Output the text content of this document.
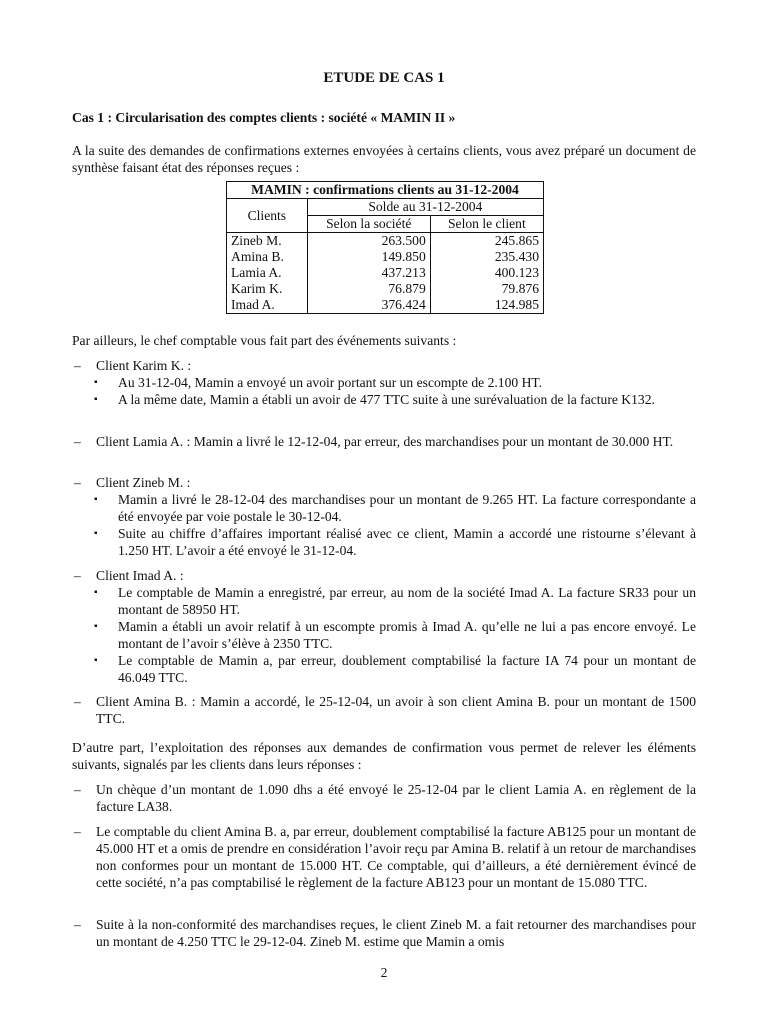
ETUDE DE CAS 1
Cas 1 : Circularisation des comptes clients : société « MAMIN II »

A la suite des demandes de confirmations externes envoyées à certains clients, vous avez préparé un document de synthèse faisant état des réponses reçues :

MAMIN : confirmations clients au 31-12-2004		
Clients	Solde au 31-12-2004	
	Selon la société	Selon le client
Zineb M.	263.500	245.865
Amina B.	149.850	235.430
Lamia A.	437.213	400.123
Karim K.	76.879	79.876
Imad A.	376.424	124.985

Par ailleurs, le chef comptable vous fait part des événements suivants :

– Client Karim K. :
▪ Au 31-12-04, Mamin a envoyé un avoir portant sur un escompte de 2.100 HT.
▪ A la même date, Mamin a établi un avoir de 477 TTC suite à une surévaluation de la facture K132.
– Client Lamia A. : Mamin a livré le 12-12-04, par erreur, des marchandises pour un montant de 30.000 HT.
– Client Zineb M. :
▪ Mamin a livré le 28-12-04 des marchandises pour un montant de 9.265 HT. La facture correspondante a été envoyée par voie postale le 30-12-04.
▪ Suite au chiffre d’affaires important réalisé avec ce client, Mamin a accordé une ristourne s’élevant à 1.250 HT. L’avoir a été envoyé le 31-12-04.
– Client Imad A. :
▪ Le comptable de Mamin a enregistré, par erreur, au nom de la société Imad A. La facture SR33 pour un montant de 58950 HT.
▪ Mamin a établi un avoir relatif à un escompte promis à Imad A. qu’elle ne lui a pas encore envoyé. Le montant de l’avoir s’élève à 2350 TTC.
▪ Le comptable de Mamin a, par erreur, doublement comptabilisé la facture IA 74 pour un montant de 46.049 TTC.
– Client Amina B. : Mamin a accordé, le 25-12-04, un avoir à son client Amina B. pour un montant de 1500 TTC.

D’autre part, l’exploitation des réponses aux demandes de confirmation vous permet de relever les éléments suivants, signalés par les clients dans leurs réponses :

– Un chèque d’un montant de 1.090 dhs a été envoyé le 25-12-04 par le client Lamia A. en règlement de la facture LA38.
– Le comptable du client Amina B. a, par erreur, doublement comptabilisé la facture AB125 pour un montant de 45.000 HT et a omis de prendre en considération l’avoir reçu par Amina B. relatif à un retour de marchandises non conformes pour un montant de 15.000 HT. Ce comptable, qui d’ailleurs, a été dernièrement évincé de cette société, n’a pas comptabilisé le règlement de la facture AB123 pour un montant de 15.080 TTC.
– Suite à la non-conformité des marchandises reçues, le client Zineb M. a fait retourner des marchandises pour un montant de 4.250 TTC le 29-12-04. Zineb M. estime que Mamin a omis
2
